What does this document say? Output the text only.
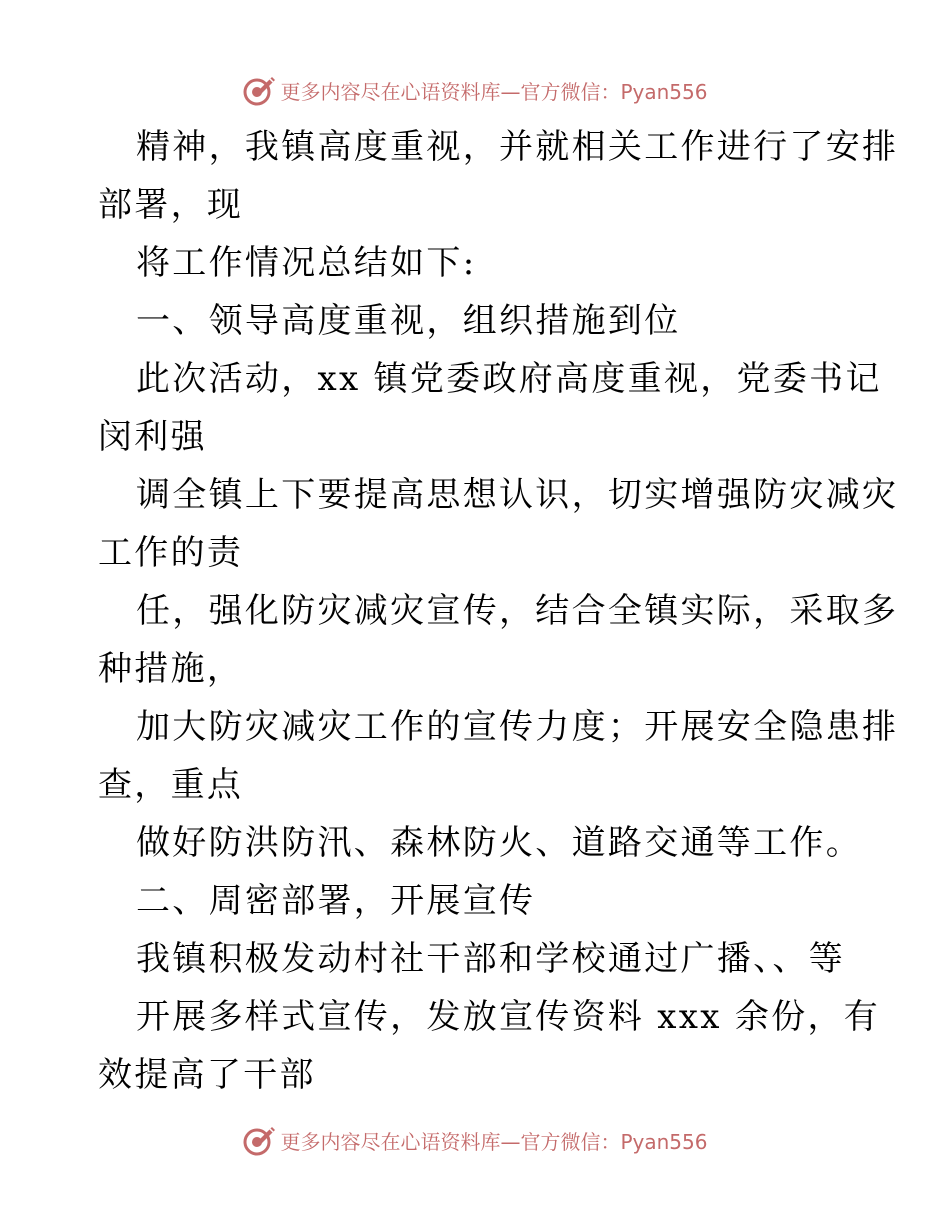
更多内容尽在心语资料库—官方微信：Pyan556
精神，我镇高度重视，并就相关工作进行了安排
部署，现
将工作情况总结如下:
一、领导高度重视，组织措施到位
此次活动，xx 镇党委政府高度重视，党委书记
闵利强
调全镇上下要提高思想认识，切实增强防灾减灾
工作的责
任，强化防灾减灾宣传，结合全镇实际，采取多
种措施，
加大防灾减灾工作的宣传力度；开展安全隐患排
查，重点
做好防洪防汛、森林防火、道路交通等工作。
二、周密部署，开展宣传
我镇积极发动村社干部和学校通过广播、、等
开展多样式宣传，发放宣传资料 xxx 余份，有
效提高了干部
更多内容尽在心语资料库—官方微信：Pyan556
